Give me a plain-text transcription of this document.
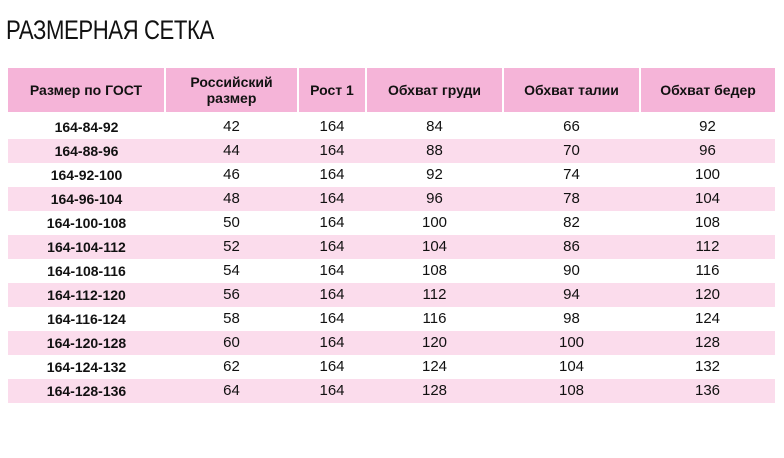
РАЗМЕРНАЯ СЕТКА
Размер по ГОСТ	Российский размер	Рост 1	Обхват груди	Обхват талии	Обхват бедер
164-84-92	42	164	84	66	92
164-88-96	44	164	88	70	96
164-92-100	46	164	92	74	100
164-96-104	48	164	96	78	104
164-100-108	50	164	100	82	108
164-104-112	52	164	104	86	112
164-108-116	54	164	108	90	116
164-112-120	56	164	112	94	120
164-116-124	58	164	116	98	124
164-120-128	60	164	120	100	128
164-124-132	62	164	124	104	132
164-128-136	64	164	128	108	136
